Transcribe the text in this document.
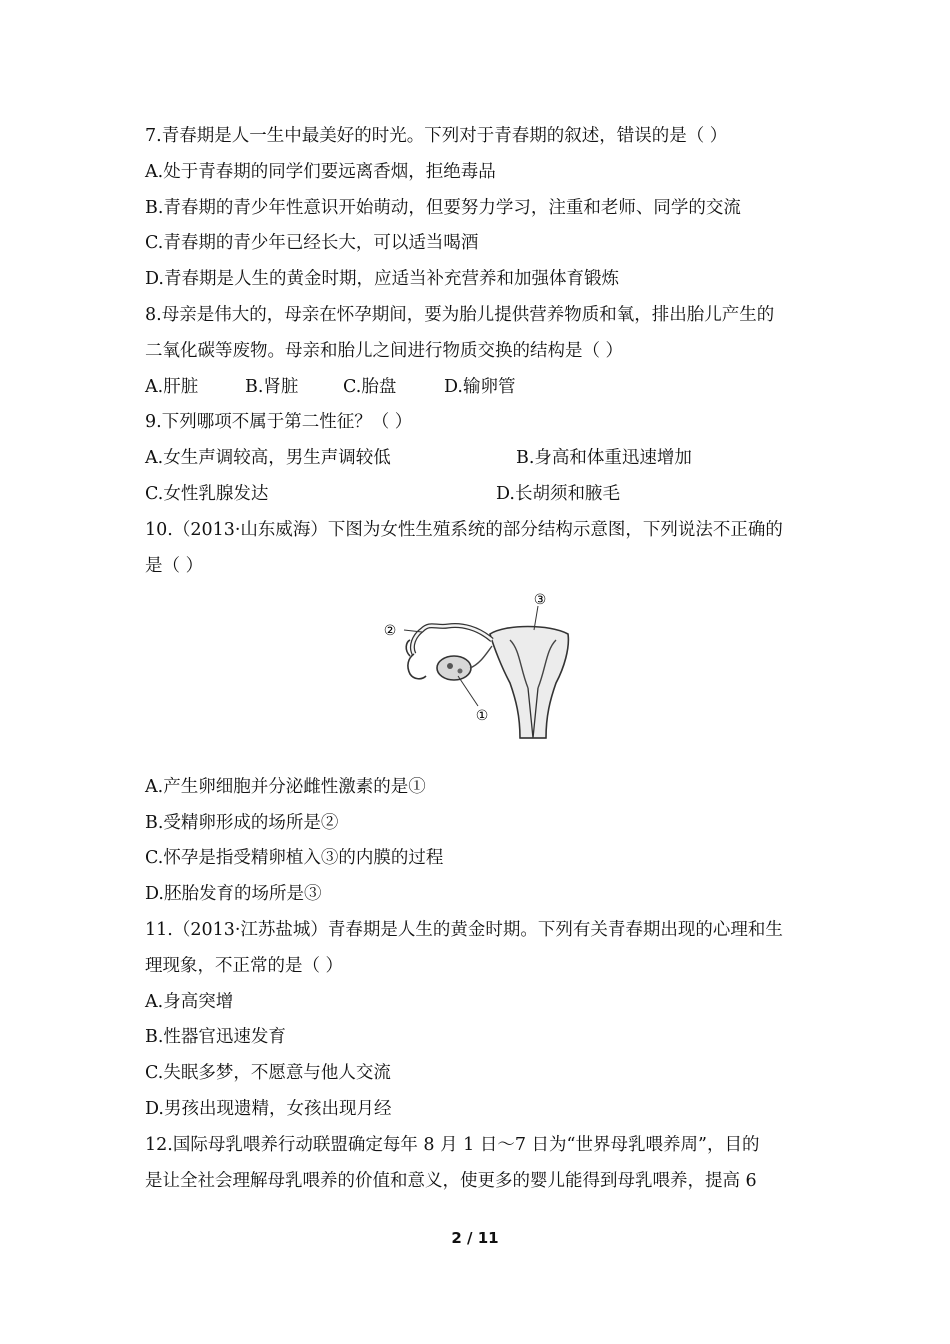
7.青春期是人一生中最美好的时光。下列对于青春期的叙述，错误的是（ ）
A.处于青春期的同学们要远离香烟，拒绝毒品
B.青春期的青少年性意识开始萌动，但要努力学习，注重和老师、同学的交流
C.青春期的青少年已经长大，可以适当喝酒
D.青春期是人生的黄金时期，应适当补充营养和加强体育锻炼
8.母亲是伟大的，母亲在怀孕期间，要为胎儿提供营养物质和氧，排出胎儿产生的
二氧化碳等废物。母亲和胎儿之间进行物质交换的结构是（ ）
A.肝脏	B.肾脏	C.胎盘	D.输卵管
9.下列哪项不属于第二性征？（ ）
A.女生声调较高，男生声调较低	B.身高和体重迅速增加
C.女性乳腺发达	D.长胡须和腋毛
10.（2013·山东威海）下图为女性生殖系统的部分结构示意图，下列说法不正确的
是（ ）
②
①
③
A.产生卵细胞并分泌雌性激素的是①
B.受精卵形成的场所是②
C.怀孕是指受精卵植入③的内膜的过程
D.胚胎发育的场所是③
11.（2013·江苏盐城）青春期是人生的黄金时期。下列有关青春期出现的心理和生
理现象，不正常的是（ ）
A.身高突增
B.性器官迅速发育
C.失眠多梦，不愿意与他人交流
D.男孩出现遗精，女孩出现月经
12.国际母乳喂养行动联盟确定每年 8 月 1 日～7 日为“世界母乳喂养周”，目的
是让全社会理解母乳喂养的价值和意义，使更多的婴儿能得到母乳喂养，提高 6
2 / 11
